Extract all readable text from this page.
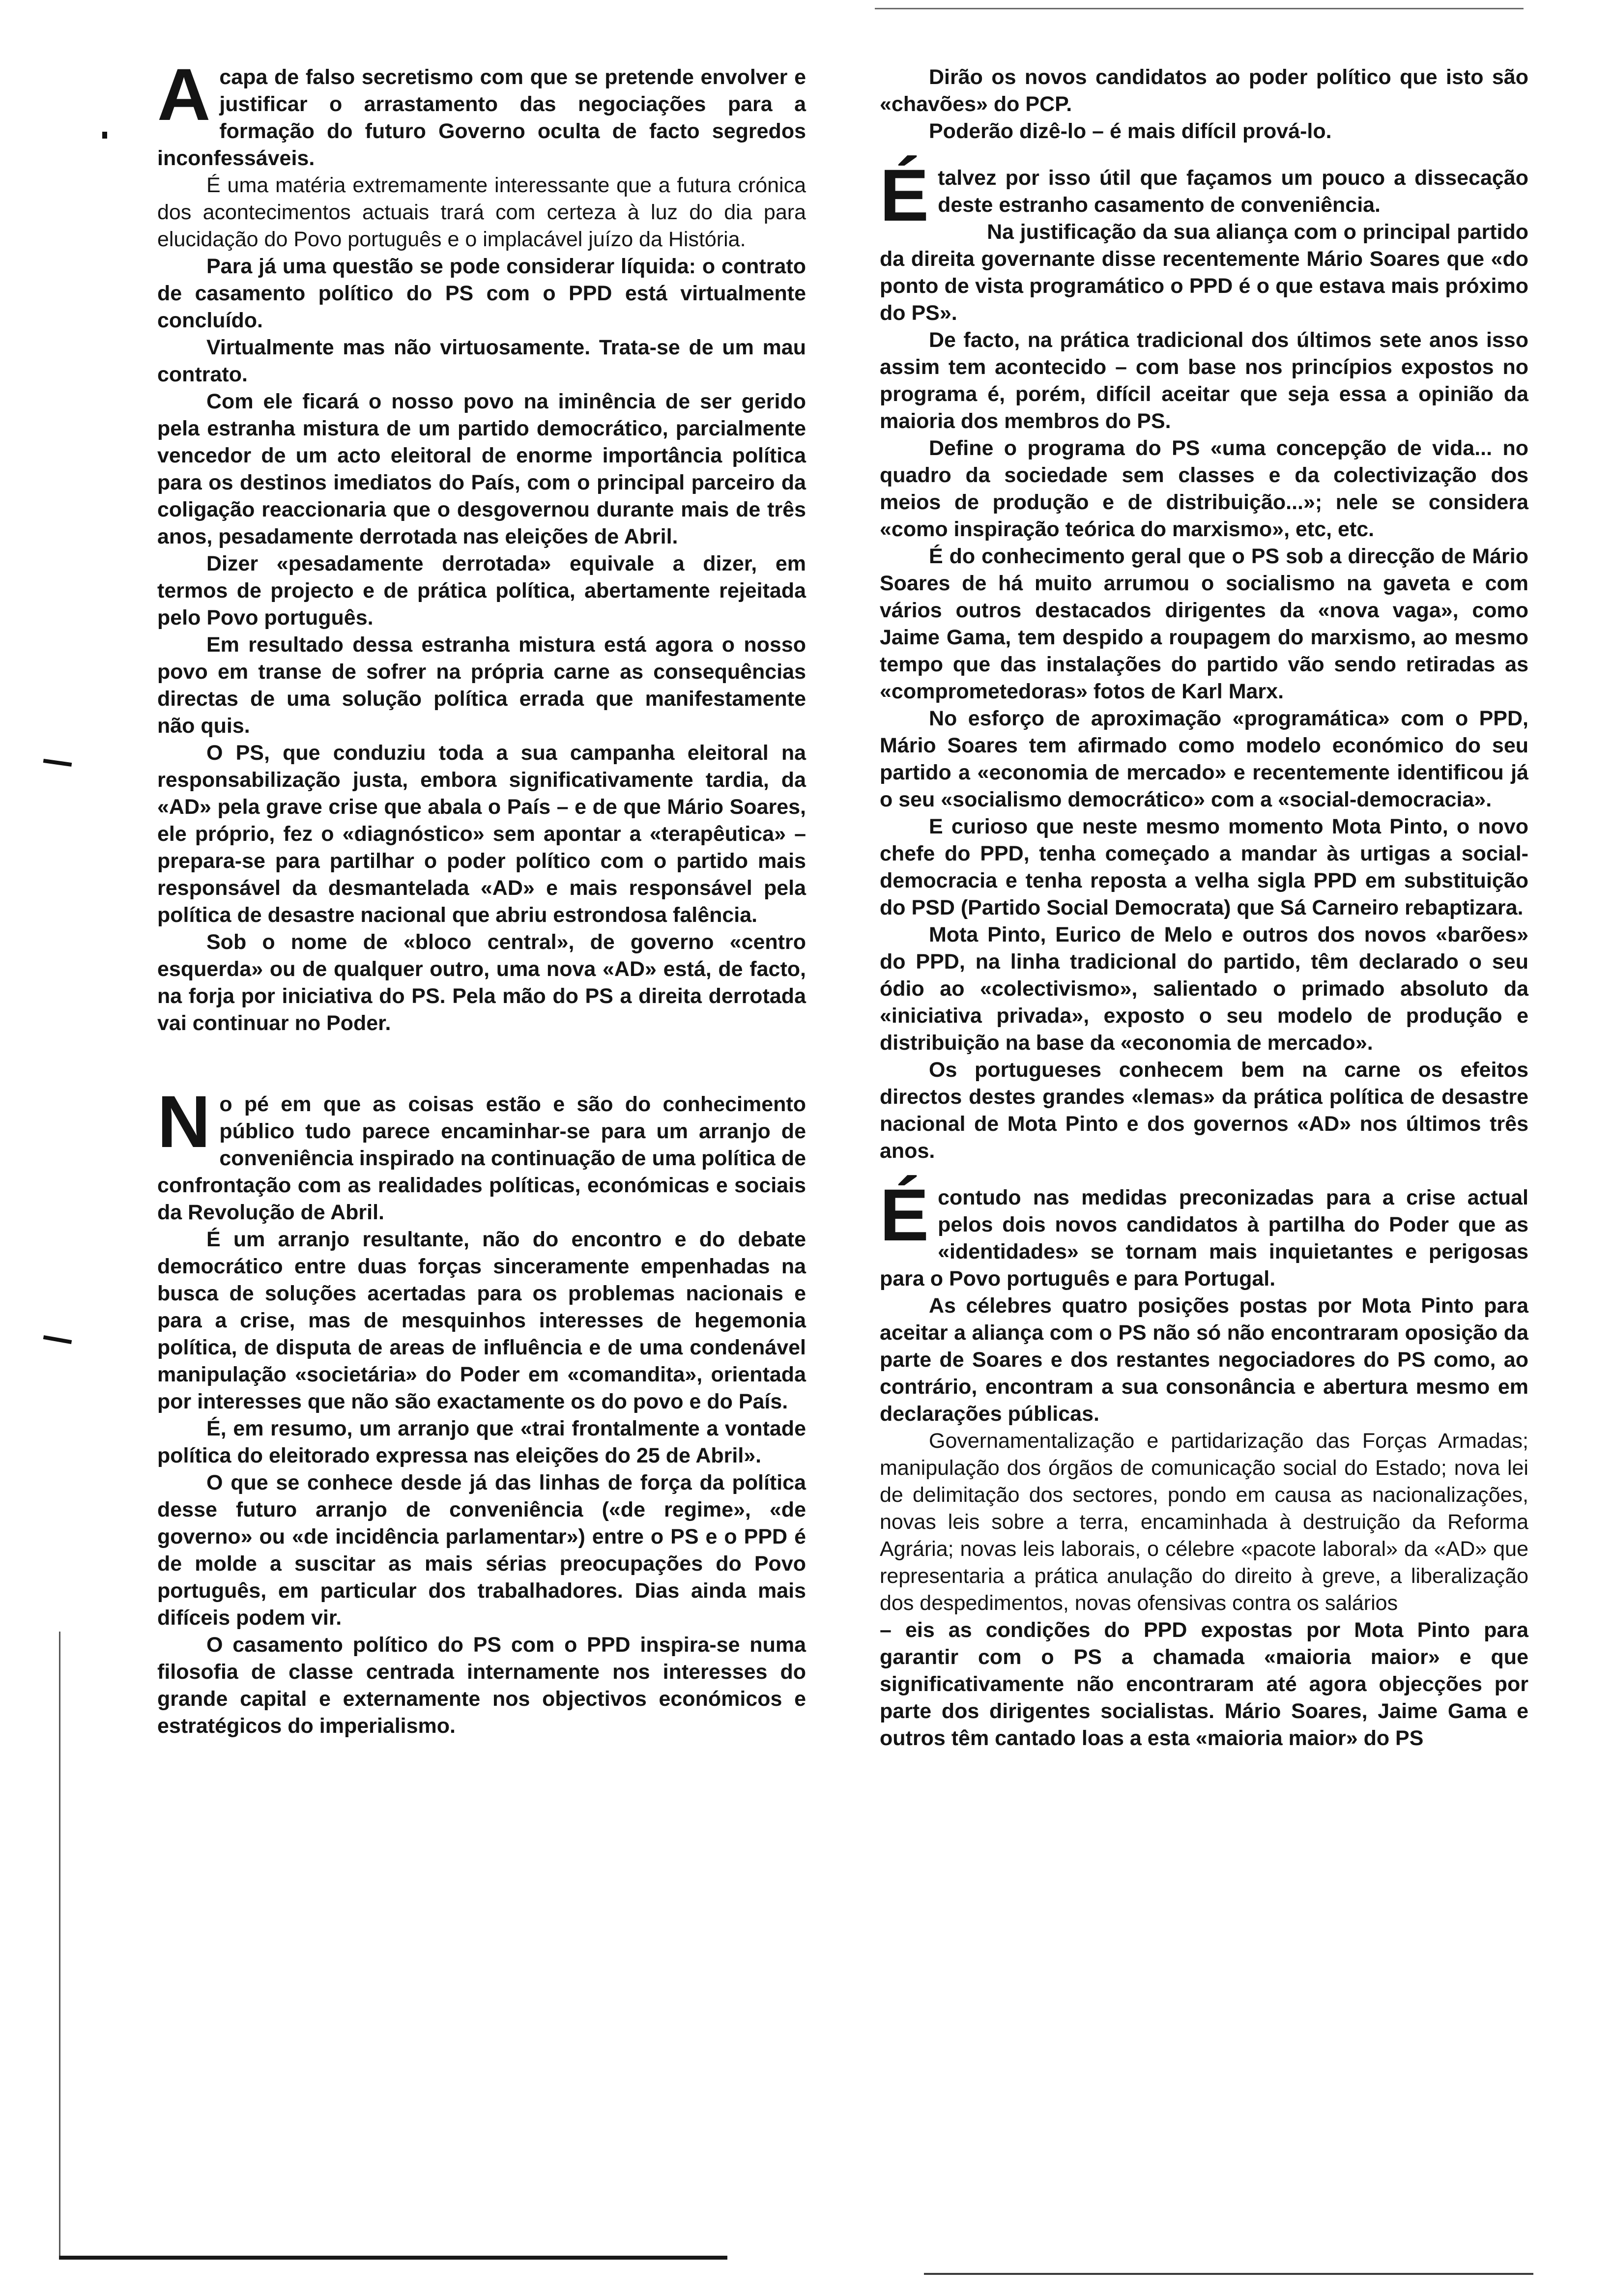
Acapa de falso secretismo com que se pretende envolver e justificar o arrastamento das negociações para a formação do futuro Governo oculta de facto segredos inconfessáveis.

É uma matéria extremamente interessante que a futura crónica dos acontecimentos actuais trará com certeza à luz do dia para elucidação do Povo português e o implacável juízo da História.

Para já uma questão se pode considerar líquida: o contrato de casamento político do PS com o PPD está virtualmente concluído.

Virtualmente mas não virtuosamente. Trata-se de um mau contrato.

Com ele ficará o nosso povo na iminência de ser gerido pela estranha mistura de um partido democrático, parcialmente vencedor de um acto eleitoral de enorme importância política para os destinos imediatos do País, com o principal parceiro da coligação reaccionaria que o desgovernou durante mais de três anos, pesadamente derrotada nas eleições de Abril.

Dizer «pesadamente derrotada» equivale a dizer, em termos de projecto e de prática política, abertamente rejeitada pelo Povo português.

Em resultado dessa estranha mistura está agora o nosso povo em transe de sofrer na própria carne as consequências directas de uma solução política errada que manifestamente não quis.

O PS, que conduziu toda a sua campanha eleitoral na responsabilização justa, embora significativamente tardia, da «AD» pela grave crise que abala o País – e de que Mário Soares, ele próprio, fez o «diagnóstico» sem apontar a «terapêutica» – prepara-se para partilhar o poder político com o partido mais responsável da desmantelada «AD» e mais responsável pela política de desastre nacional que abriu estrondosa falência.

Sob o nome de «bloco central», de governo «centro esquerda» ou de qualquer outro, uma nova «AD» está, de facto, na forja por iniciativa do PS. Pela mão do PS a direita derrotada vai continuar no Poder.

No pé em que as coisas estão e são do conhecimento público tudo parece encaminhar-se para um arranjo de conveniência inspirado na continuação de uma política de confrontação com as realidades políticas, económicas e sociais da Revolução de Abril.

É um arranjo resultante, não do encontro e do debate democrático entre duas forças sinceramente empenhadas na busca de soluções acertadas para os problemas nacionais e para a crise, mas de mesquinhos interesses de hegemonia política, de disputa de areas de influência e de uma condenável manipulação «societária» do Poder em «comandita», orientada por interesses que não são exactamente os do povo e do País.

É, em resumo, um arranjo que «trai frontalmente a vontade política do eleitorado expressa nas eleições do 25 de Abril».

O que se conhece desde já das linhas de força da política desse futuro arranjo de conveniência («de regime», «de governo» ou «de incidência parlamentar») entre o PS e o PPD é de molde a suscitar as mais sérias preocupações do Povo português, em particular dos trabalhadores. Dias ainda mais difíceis podem vir.

O casamento político do PS com o PPD inspira-se numa filosofia de classe centrada internamente nos interesses do grande capital e externamente nos objectivos económicos e estratégicos do imperialismo.

Dirão os novos candidatos ao poder político que isto são «chavões» do PCP.

Poderão dizê-lo – é mais difícil prová-lo.

Étalvez por isso útil que façamos um pouco a dissecação deste estranho casamento de conveniência.

Na justificação da sua aliança com o principal partido da direita governante disse recentemente Mário Soares que «do ponto de vista programático o PPD é o que estava mais próximo do PS».

De facto, na prática tradicional dos últimos sete anos isso assim tem acontecido – com base nos princípios expostos no programa é, porém, difícil aceitar que seja essa a opinião da maioria dos membros do PS.

Define o programa do PS «uma concepção de vida... no quadro da sociedade sem classes e da colectivização dos meios de produção e de distribuição...»; nele se considera «como inspiração teórica do marxismo», etc, etc.

É do conhecimento geral que o PS sob a direcção de Mário Soares de há muito arrumou o socialismo na gaveta e com vários outros destacados dirigentes da «nova vaga», como Jaime Gama, tem despido a roupagem do marxismo, ao mesmo tempo que das instalações do partido vão sendo retiradas as «comprometedoras» fotos de Karl Marx.

No esforço de aproximação «programática» com o PPD, Mário Soares tem afirmado como modelo económico do seu partido a «economia de mercado» e recentemente identificou já o seu «socialismo democrático» com a «social-democracia».

E curioso que neste mesmo momento Mota Pinto, o novo chefe do PPD, tenha começado a mandar às urtigas a social-democracia e tenha reposta a velha sigla PPD em substituição do PSD (Partido Social Democrata) que Sá Carneiro rebaptizara.

Mota Pinto, Eurico de Melo e outros dos novos «barões» do PPD, na linha tradicional do partido, têm declarado o seu ódio ao «colectivismo», salientado o primado absoluto da «iniciativa privada», exposto o seu modelo de produção e distribuição na base da «economia de mercado».

Os portugueses conhecem bem na carne os efeitos directos destes grandes «lemas» da prática política de desastre nacional de Mota Pinto e dos governos «AD» nos últimos três anos.

Écontudo nas medidas preconizadas para a crise actual pelos dois novos candidatos à partilha do Poder que as «identidades» se tornam mais inquietantes e perigosas para o Povo português e para Portugal.

As célebres quatro posições postas por Mota Pinto para aceitar a aliança com o PS não só não encontraram oposição da parte de Soares e dos restantes negociadores do PS como, ao contrário, encontram a sua consonância e abertura mesmo em declarações públicas.

Governamentalização e partidarização das Forças Armadas; manipulação dos órgãos de comunicação social do Estado; nova lei de delimitação dos sectores, pondo em causa as nacionalizações, novas leis sobre a terra, encaminhada à destruição da Reforma Agrária; novas leis laborais, o célebre «pacote laboral» da «AD» que representaria a prática anulação do direito à greve, a liberalização dos despedimentos, novas ofensivas contra os salários

– eis as condições do PPD expostas por Mota Pinto para garantir com o PS a chamada «maioria maior» e que significativamente não encontraram até agora objecções por parte dos dirigentes socialistas. Mário Soares, Jaime Gama e outros têm cantado loas a esta «maioria maior» do PS
